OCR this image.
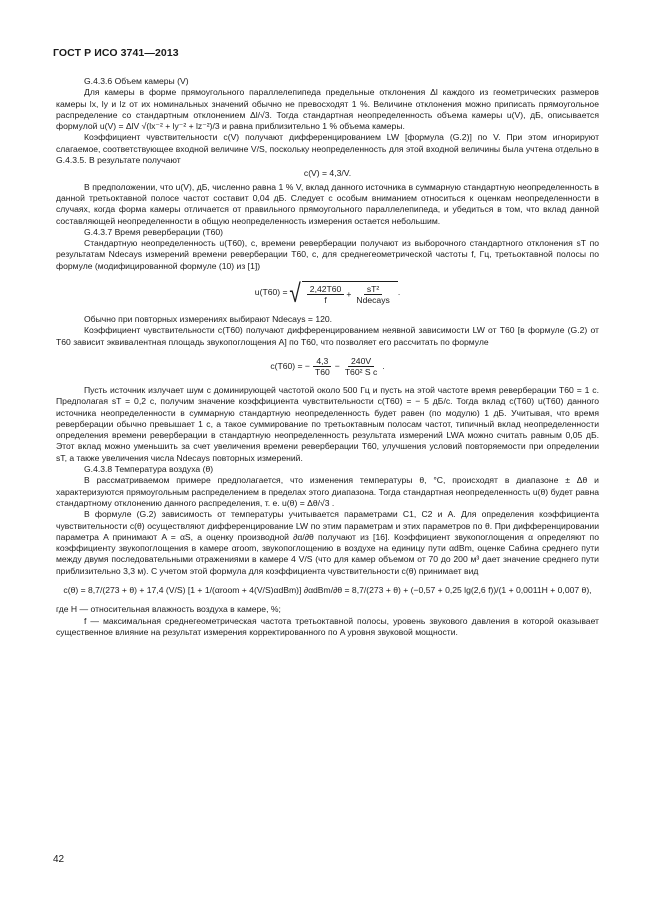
ГОСТ Р ИСО 3741—2013

G.4.3.6 Объем камеры (V)

Для камеры в форме прямоугольного параллелепипеда предельные отклонения Δl каждого из геометрических размеров камеры lx, ly и lz от их номинальных значений обычно не превосходят 1 %. Величине отклонения можно приписать прямоугольное распределение со стандартным отклонением Δl/√3. Тогда стандартная неопределенность объема камеры u(V), дБ, описывается формулой u(V) = ΔlV √(lx⁻² + ly⁻² + lz⁻²)/3 и равна приблизительно 1 % объема камеры.

Коэффициент чувствительности c(V) получают дифференцированием LW [формула (G.2)] по V. При этом игнорируют слагаемое, соответствующее входной величине V/S, поскольку неопределенность для этой входной величины была учтена отдельно в G.4.3.5. В результате получают

c(V) = 4,3/V.

В предположении, что u(V), дБ, численно равна 1 % V, вклад данного источника в суммарную стандартную неопределенность в данной третьоктавной полосе частот составит 0,04 дБ. Следует с особым вниманием относиться к оценкам неопределенности в случаях, когда форма камеры отличается от правильного прямоугольного параллелепипеда, и убедиться в том, что вклад данной составляющей неопределенности в общую неопределенность измерения остается небольшим.

G.4.3.7 Время реверберации (T60)

Стандартную неопределенность u(T60), с, времени реверберации получают из выборочного стандартного отклонения sT по результатам Ndecays измерений времени реверберации T60, с, для среднегеометрической частоты f, Гц, третьоктавной полосы по формуле (модифицированной формуле (10) из [1])

u(T60) = √ $\frac{2,42T60}{f} + \frac{\text{sT²}}{\text{Ndecays}}$ .

Обычно при повторных измерениях выбирают Ndecays = 120.

Коэффициент чувствительности c(T60) получают дифференцированием неявной зависимости LW от T60 [в формуле (G.2) от T60 зависит эквивалентная площадь звукопоглощения A] по T60, что позволяет его рассчитать по формуле

c(T60) = − $\frac{4,3}{T60} - \frac{240V}{\text{T60² S c}}$ .

Пусть источник излучает шум с доминирующей частотой около 500 Гц и пусть на этой частоте время реверберации T60 = 1 с. Предполагая sT = 0,2 с, получим значение коэффициента чувствительности c(T60) = − 5 дБ/с. Тогда вклад c(T60) u(T60) данного источника неопределенности в суммарную стандартную неопределенность будет равен (по модулю) 1 дБ. Учитывая, что время реверберации обычно превышает 1 с, а такое суммирование по третьоктавным полосам частот, типичный вклад неопределенности определения времени реверберации в стандартную неопределенность результата измерений LWA можно считать равным 0,05 дБ. Этот вклад можно уменьшить за счет увеличения времени реверберации T60, улучшения условий повторяемости при определении sT, а также увеличения числа Ndecays повторных измерений.

G.4.3.8 Температура воздуха (θ)

В рассматриваемом примере предполагается, что изменения температуры θ, °C, происходят в диапазоне ± Δθ и характеризуются прямоугольным распределением в пределах этого диапазона. Тогда стандартная неопределенность u(θ) будет равна стандартному отклонению данного распределения, т. е. u(θ) = Δθ/√3 .

В формуле (G.2) зависимость от температуры учитывается параметрами C1, C2 и A. Для определения коэффициента чувствительности c(θ) осуществляют дифференцирование LW по этим параметрам и этих параметров по θ. При дифференцировании параметра A принимают A = αS, а оценку производной ∂α/∂θ получают из [16]. Коэффициент звукопоглощения α определяют по коэффициенту звукопоглощения в камере αroom, звукопоглощению в воздухе на единицу пути αdBm, оценке Сабина среднего пути между двумя последовательными отражениями в камере 4 V/S (что для камер объемом от 70 до 200 м³ дает значение среднего пути приблизительно 3,3 м). С учетом этой формула для коэффициента чувствительности c(θ) принимает вид

c(θ) = 8,7/(273 + θ) + 17,4 (V/S) [1 + 1/(αroom + 4(V/S)αdBm)] ∂αdBm/∂θ = 8,7/(273 + θ) + (−0,57 + 0,25 lg(2,6 f))/(1 + 0,0011H + 0,007 θ),

где H — относительная влажность воздуха в камере, %;

f — максимальная среднегеометрическая частота третьоктавной полосы, уровень звукового давления в которой оказывает существенное влияние на результат измерения корректированного по A уровня звуковой мощности.

42
